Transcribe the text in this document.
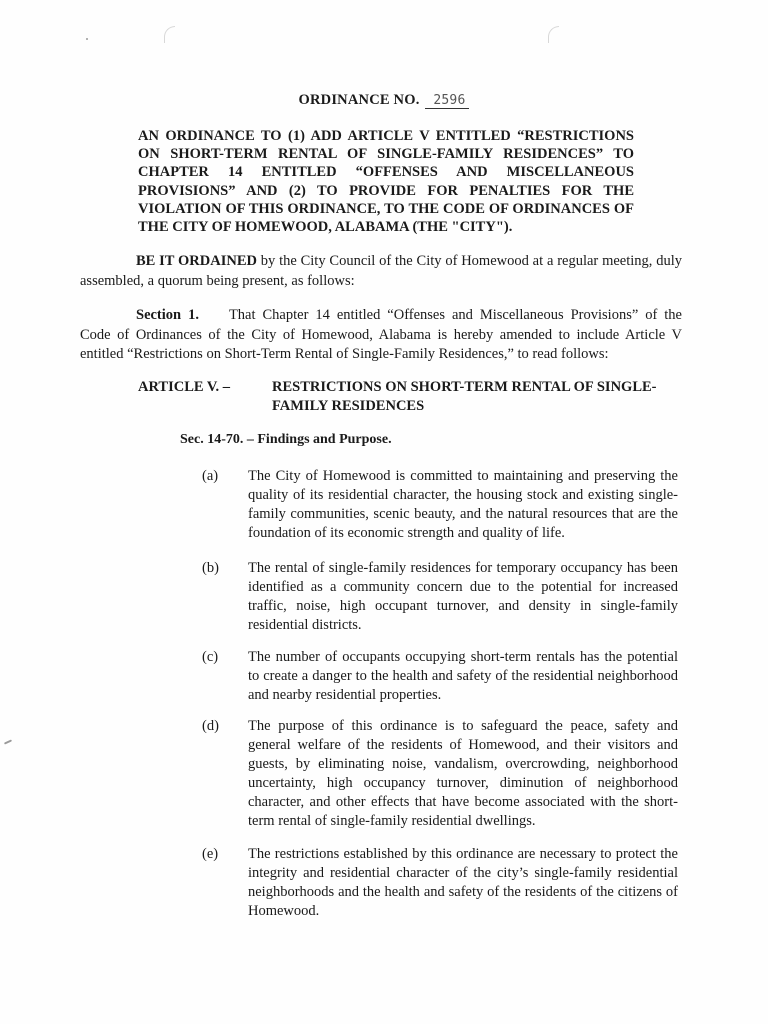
ORDINANCE NO. 2596
AN ORDINANCE TO (1) ADD ARTICLE V ENTITLED “RESTRICTIONS ON SHORT-TERM RENTAL OF SINGLE-FAMILY RESIDENCES” TO CHAPTER 14 ENTITLED “OFFENSES AND MISCELLANEOUS PROVISIONS” AND (2) TO PROVIDE FOR PENALTIES FOR THE VIOLATION OF THIS ORDINANCE, TO THE CODE OF ORDINANCES OF THE CITY OF HOMEWOOD, ALABAMA (THE "CITY").
BE IT ORDAINED by the City Council of the City of Homewood at a regular meeting, duly assembled, a quorum being present, as follows:
Section 1. That Chapter 14 entitled “Offenses and Miscellaneous Provisions” of the Code of Ordinances of the City of Homewood, Alabama is hereby amended to include Article V entitled “Restrictions on Short-Term Rental of Single-Family Residences,” to read follows:
ARTICLE V. –	RESTRICTIONS ON SHORT-TERM RENTAL OF SINGLE-FAMILY RESIDENCES
Sec. 14-70. – Findings and Purpose.
(a)	The City of Homewood is committed to maintaining and preserving the quality of its residential character, the housing stock and existing single-family communities, scenic beauty, and the natural resources that are the foundation of its economic strength and quality of life.
(b)	The rental of single-family residences for temporary occupancy has been identified as a community concern due to the potential for increased traffic, noise, high occupant turnover, and density in single-family residential districts.
(c)	The number of occupants occupying short-term rentals has the potential to create a danger to the health and safety of the residential neighborhood and nearby residential properties.
(d)	The purpose of this ordinance is to safeguard the peace, safety and general welfare of the residents of Homewood, and their visitors and guests, by eliminating noise, vandalism, overcrowding, neighborhood uncertainty, high occupancy turnover, diminution of neighborhood character, and other effects that have become associated with the short-term rental of single-family residential dwellings.
(e)	The restrictions established by this ordinance are necessary to protect the integrity and residential character of the city’s single-family residential neighborhoods and the health and safety of the residents of the citizens of Homewood.
